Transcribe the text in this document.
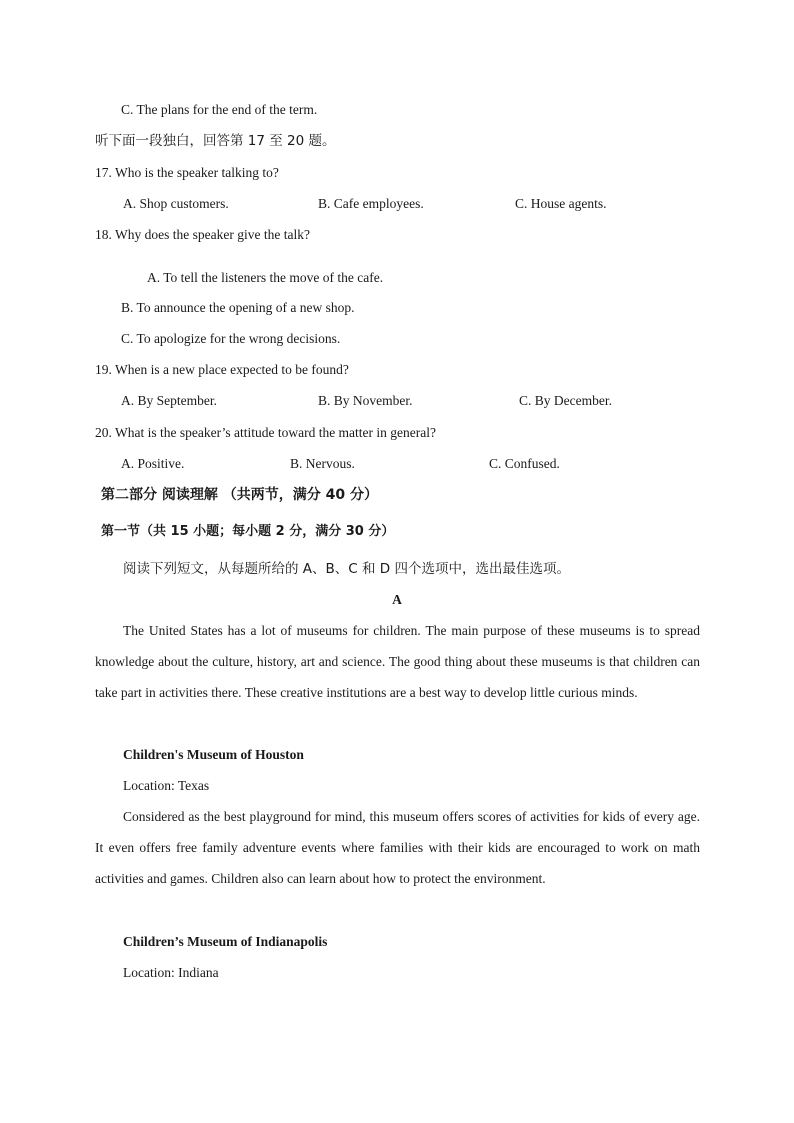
C. The plans for the end of the term.
听下面一段独白，回答第 17 至 20 题。
17. Who is the speaker talking to?
A. Shop customers.	B. Cafe employees.	C. House agents.
18. Why does the speaker give the talk?
A. To tell the listeners the move of the cafe.
B. To announce the opening of a new shop.
C. To apologize for the wrong decisions.
19. When is a new place expected to be found?
A. By September.	B. By November.	C. By December.
20. What is the speaker’s attitude toward the matter in general?
A. Positive.	B. Nervous.	C. Confused.
第二部分 阅读理解 （共两节，满分 40 分）
第一节（共 15 小题；每小题 2 分，满分 30 分）
阅读下列短文，从每题所给的 A、B、C 和 D 四个选项中，选出最佳选项。
A
The United States has a lot of museums for children. The main purpose of these museums is to spread knowledge about the culture, history, art and science. The good thing about these museums is that children can take part in activities there. These creative institutions are a best way to develop little curious minds.
Children's Museum of Houston
Location: Texas
Considered as the best playground for mind, this museum offers scores of activities for kids of every age. It even offers free family adventure events where families with their kids are encouraged to work on math activities and games. Children also can learn about how to protect the environment.
Children’s Museum of Indianapolis
Location: Indiana
